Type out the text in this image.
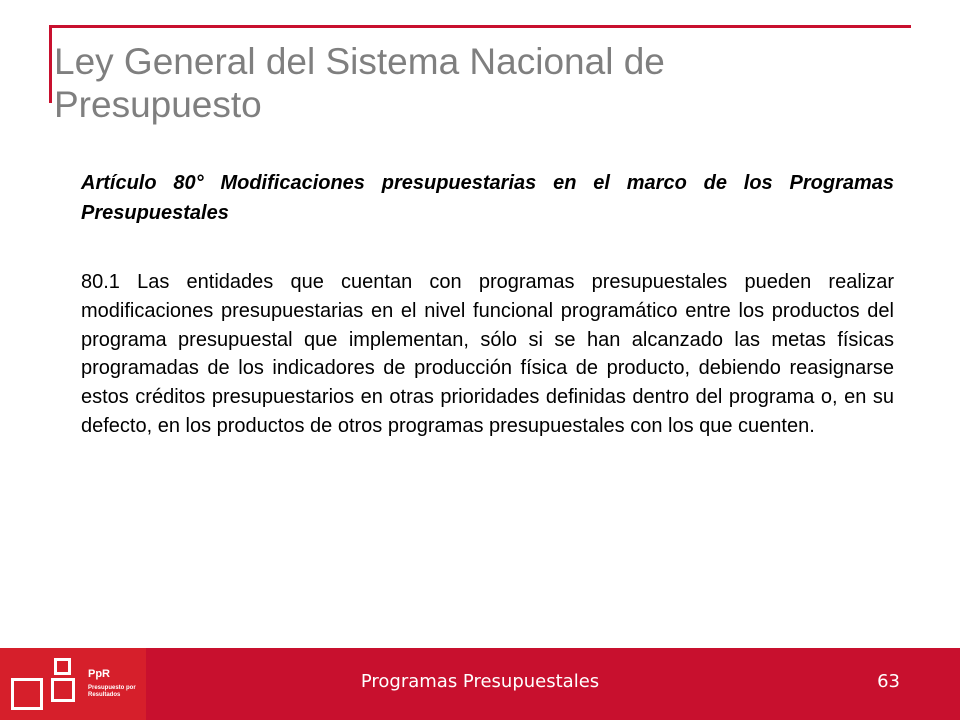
Ley General del Sistema Nacional de Presupuesto

Artículo 80° Modificaciones presupuestarias en el marco de los Programas Presupuestales

80.1 Las entidades que cuentan con programas presupuestales pueden realizar modificaciones presupuestarias en el nivel funcional programático entre los productos del programa presupuestal que implementan, sólo si se han alcanzado las metas físicas programadas de los indicadores de producción física de producto, debiendo reasignarse estos créditos presupuestarios en otras prioridades definidas dentro del programa o, en su defecto, en los productos de otros programas presupuestales con los que cuenten.

PpR
Presupuesto por Resultados
Programas Presupuestales	63
